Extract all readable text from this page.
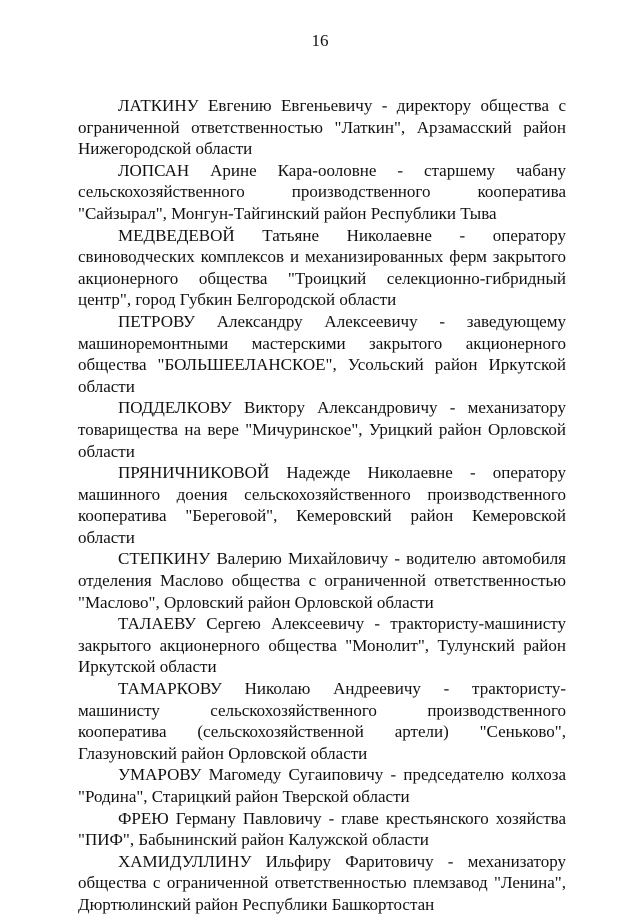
16

ЛАТКИНУ Евгению Евгеньевичу - директору общества с ограниченной ответственностью "Латкин", Арзамасский район Нижегородской области

ЛОПСАН Арине Кара-ооловне - старшему чабану сельскохозяйственного производственного кооператива "Сайзырал", Монгун-Тайгинский район Республики Тыва

МЕДВЕДЕВОЙ Татьяне Николаевне - оператору свиноводческих комплексов и механизированных ферм закрытого акционерного общества "Троицкий селекционно-гибридный центр", город Губкин Белгородской области

ПЕТРОВУ Александру Алексеевичу - заведующему машиноремонтными мастерскими закрытого акционерного общества "БОЛЬШЕЕЛАНСКОЕ", Усольский район Иркутской области

ПОДДЕЛКОВУ Виктору Александровичу - механизатору товарищества на вере "Мичуринское", Урицкий район Орловской области

ПРЯНИЧНИКОВОЙ Надежде Николаевне - оператору машинного доения сельскохозяйственного производственного кооператива "Береговой", Кемеровский район Кемеровской области

СТЕПКИНУ Валерию Михайловичу - водителю автомобиля отделения Маслово общества с ограниченной ответственностью "Маслово", Орловский район Орловской области

ТАЛАЕВУ Сергею Алексеевичу - трактористу-машинисту закрытого акционерного общества "Монолит", Тулунский район Иркутской области

ТАМАРКОВУ Николаю Андреевичу - трактористу-машинисту сельскохозяйственного производственного кооператива (сельскохозяйственной артели) "Сеньково", Глазуновский район Орловской области

УМАРОВУ Магомеду Сугаиповичу - председателю колхоза "Родина", Старицкий район Тверской области

ФРЕЮ Герману Павловичу - главе крестьянского хозяйства "ПИФ", Бабынинский район Калужской области

ХАМИДУЛЛИНУ Ильфиру Фаритовичу - механизатору общества с ограниченной ответственностью племзавод "Ленина", Дюртюлинский район Республики Башкортостан
